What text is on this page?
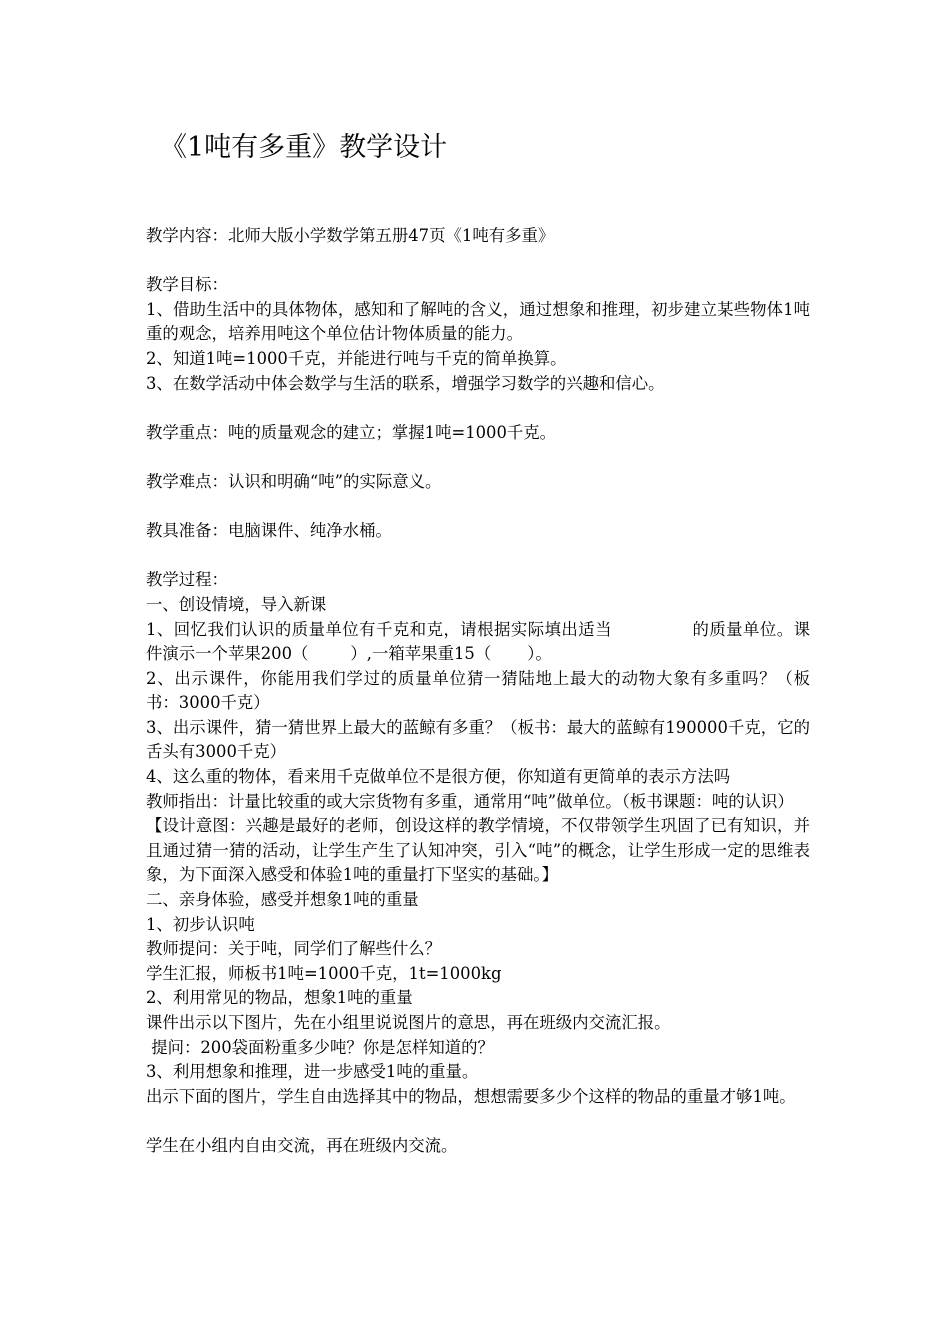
《1吨有多重》教学设计

教学内容：北师大版小学数学第五册47页《1吨有多重》

教学目标：

1、借助生活中的具体物体，感知和了解吨的含义，通过想象和推理，初步建立某些物体1吨重的观念，培养用吨这个单位估计物体质量的能力。

2、知道1吨=1000千克，并能进行吨与千克的简单换算。

3、在数学活动中体会数学与生活的联系，增强学习数学的兴趣和信心。

教学重点：吨的质量观念的建立；掌握1吨=1000千克。

教学难点：认识和明确“吨”的实际意义。

教具准备：电脑课件、纯净水桶。

教学过程：

一、创设情境，导入新课

1、回忆我们认识的质量单位有千克和克，请根据实际填出适当	的质量单位。课件演示一个苹果200（	）,一箱苹果重15（ ）。

2、出示课件，你能用我们学过的质量单位猜一猜陆地上最大的动物大象有多重吗？（板书：3000千克）

3、出示课件，猜一猜世界上最大的蓝鲸有多重？（板书：最大的蓝鲸有190000千克，它的舌头有3000千克）

4、这么重的物体，看来用千克做单位不是很方便，你知道有更简单的表示方法吗

教师指出：计量比较重的或大宗货物有多重，通常用“吨”做单位。（板书课题：吨的认识）

【设计意图：兴趣是最好的老师，创设这样的教学情境，不仅带领学生巩固了已有知识，并且通过猜一猜的活动，让学生产生了认知冲突，引入“吨”的概念，让学生形成一定的思维表象，为下面深入感受和体验1吨的重量打下坚实的基础。】

二、亲身体验，感受并想象1吨的重量

1、初步认识吨

教师提问：关于吨，同学们了解些什么？

学生汇报，师板书1吨=1000千克，1t=1000kg

2、利用常见的物品，想象1吨的重量

课件出示以下图片，先在小组里说说图片的意思，再在班级内交流汇报。

提问：200袋面粉重多少吨？你是怎样知道的？

3、利用想象和推理，进一步感受1吨的重量。

出示下面的图片，学生自由选择其中的物品，想想需要多少个这样的物品的重量才够1吨。

学生在小组内自由交流，再在班级内交流。
